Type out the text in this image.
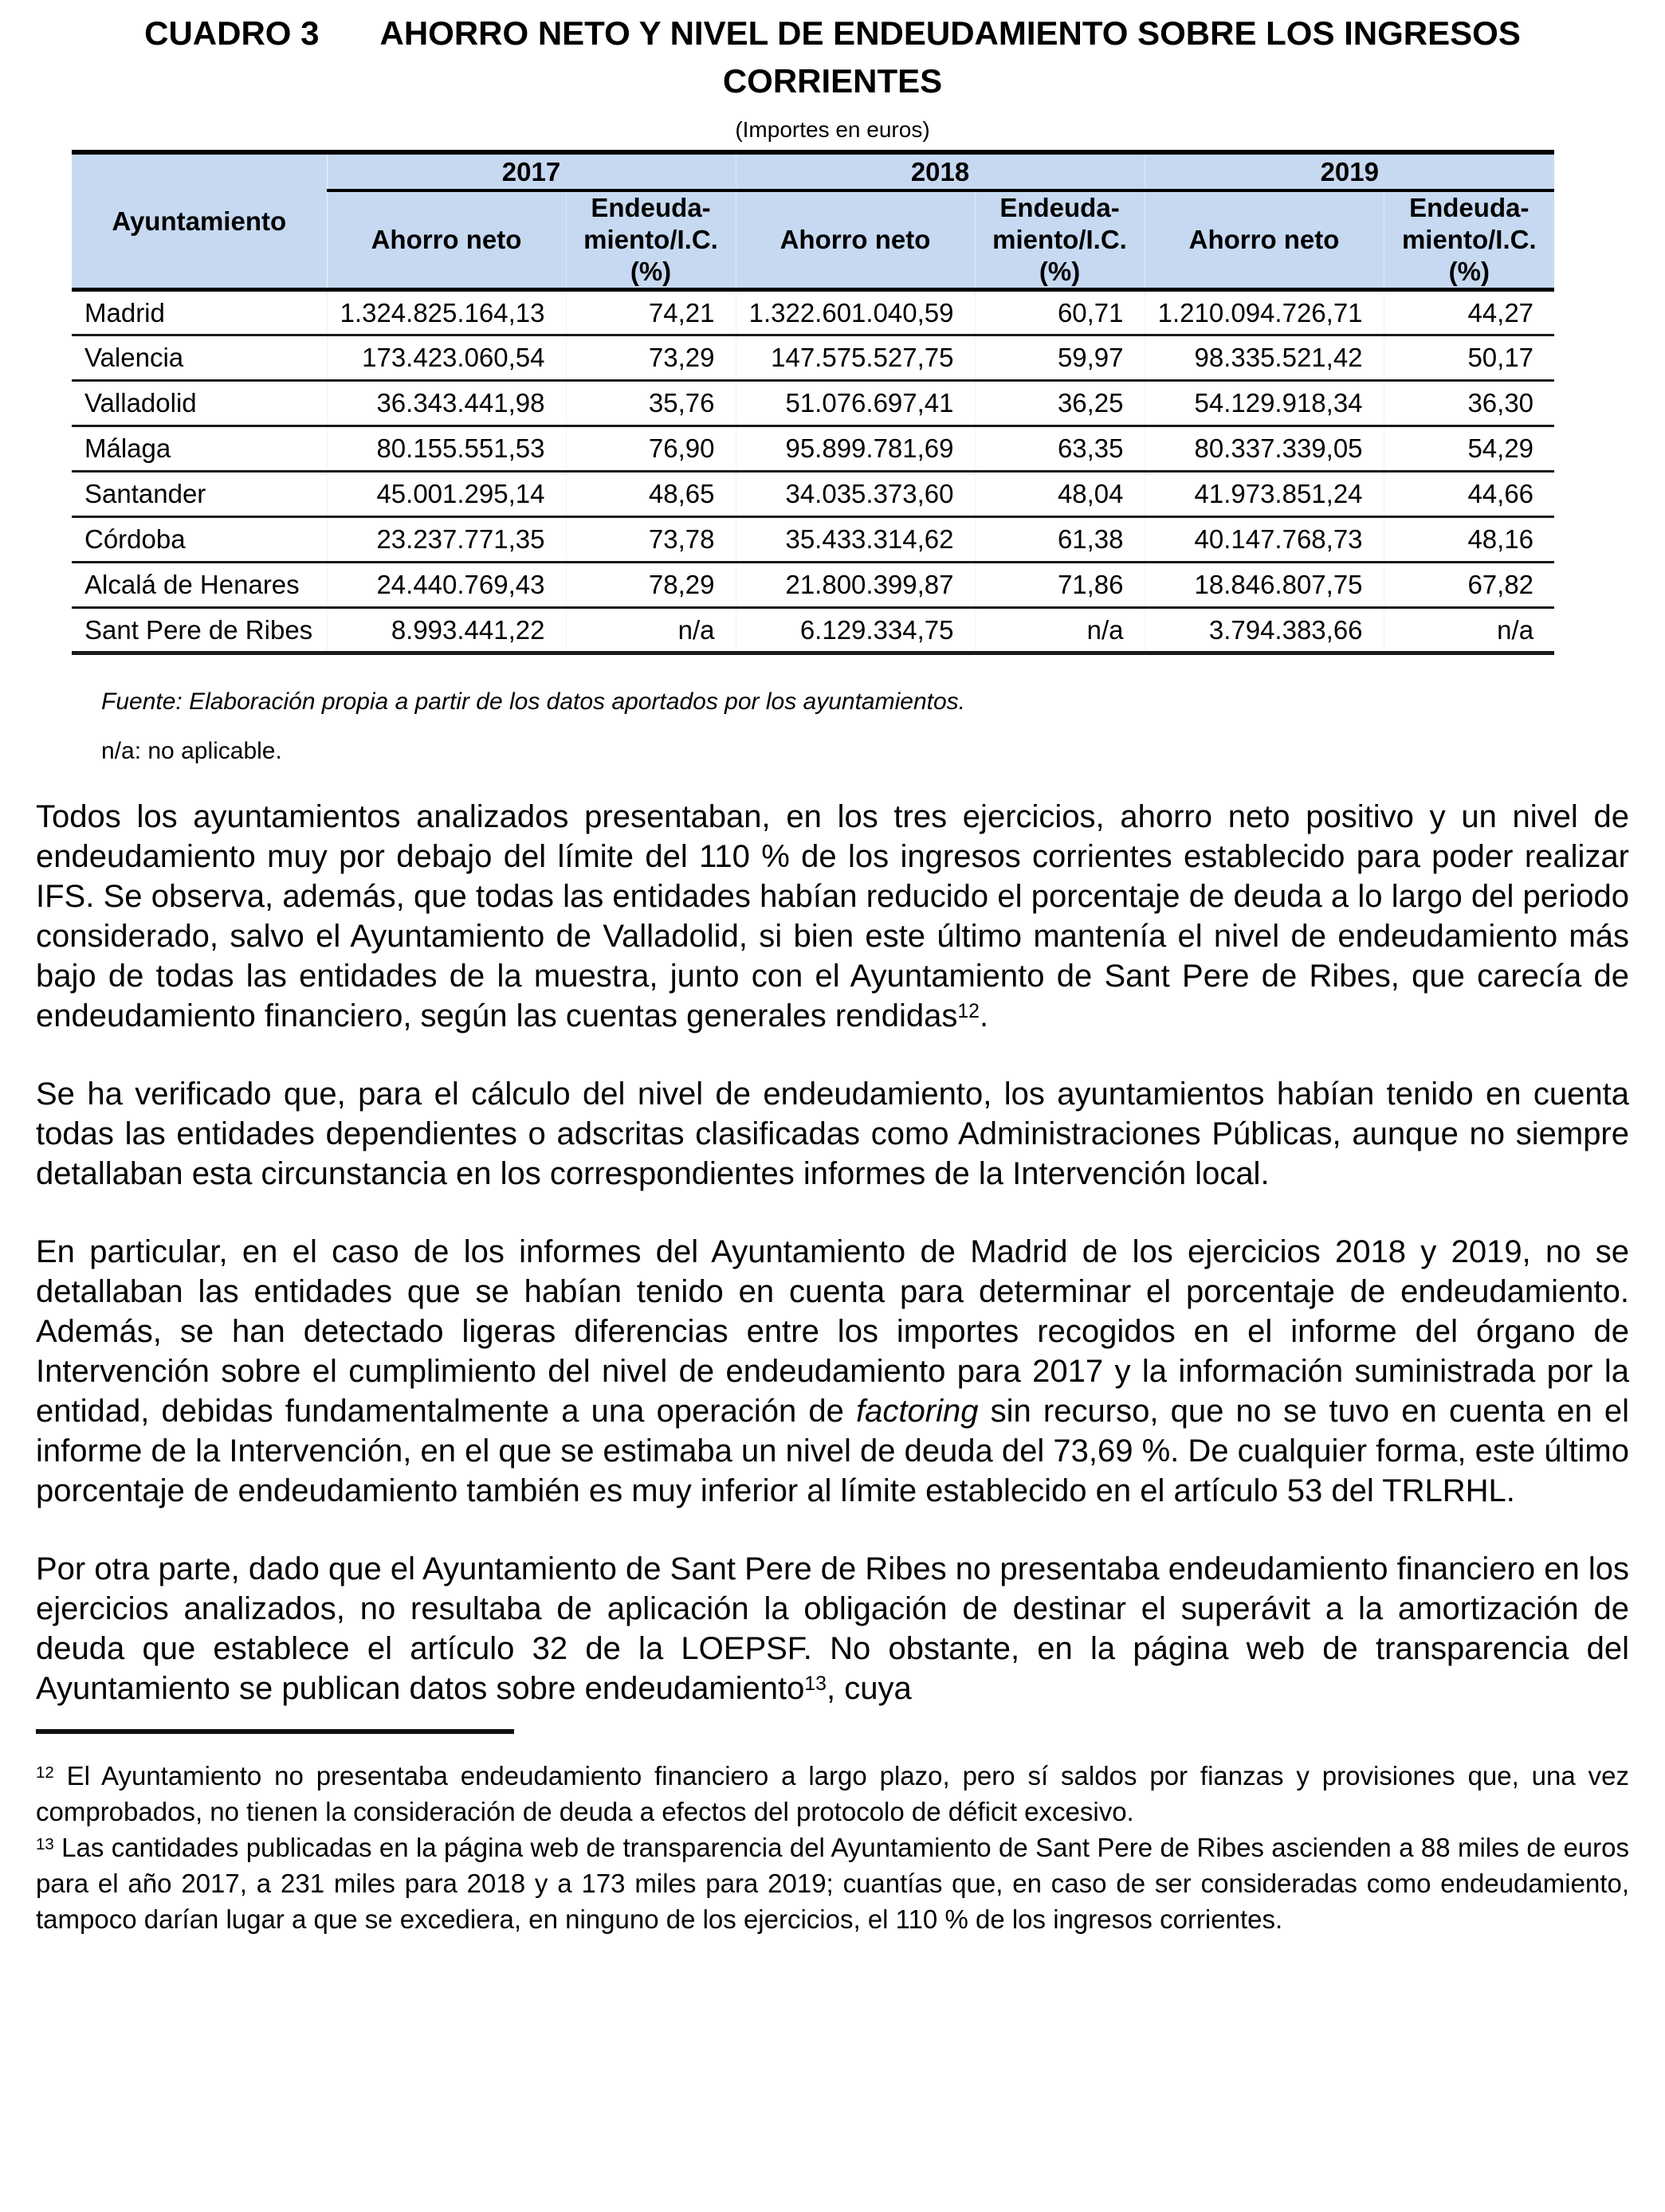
CUADRO 3 AHORRO NETO Y NIVEL DE ENDEUDAMIENTO SOBRE LOS INGRESOS
CORRIENTES
(Importes en euros)
Ayuntamiento	2017		2018		2019	
	Ahorro neto	Endeuda-
miento/I.C.
(%)	Ahorro neto	Endeuda-
miento/I.C.
(%)	Ahorro neto	Endeuda-
miento/I.C.
(%)

Madrid	1.324.825.164,13	74,21	1.322.601.040,59	60,71	1.210.094.726,71	44,27
Valencia	173.423.060,54	73,29	147.575.527,75	59,97	98.335.521,42	50,17
Valladolid	36.343.441,98	35,76	51.076.697,41	36,25	54.129.918,34	36,30
Málaga	80.155.551,53	76,90	95.899.781,69	63,35	80.337.339,05	54,29
Santander	45.001.295,14	48,65	34.035.373,60	48,04	41.973.851,24	44,66
Córdoba	23.237.771,35	73,78	35.433.314,62	61,38	40.147.768,73	48,16
Alcalá de Henares	24.440.769,43	78,29	21.800.399,87	71,86	18.846.807,75	67,82
Sant Pere de Ribes	8.993.441,22	n/a	6.129.334,75	n/a	3.794.383,66	n/a
Fuente: Elaboración propia a partir de los datos aportados por los ayuntamientos.
n/a: no aplicable.
Todos los ayuntamientos analizados presentaban, en los tres ejercicios, ahorro neto positivo y un nivel de endeudamiento muy por debajo del límite del 110 % de los ingresos corrientes establecido para poder realizar IFS. Se observa, además, que todas las entidades habían reducido el porcentaje de deuda a lo largo del periodo considerado, salvo el Ayuntamiento de Valladolid, si bien este último mantenía el nivel de endeudamiento más bajo de todas las entidades de la muestra, junto con el Ayuntamiento de Sant Pere de Ribes, que carecía de endeudamiento financiero, según las cuentas generales rendidas$^{12}$.
Se ha verificado que, para el cálculo del nivel de endeudamiento, los ayuntamientos habían tenido en cuenta todas las entidades dependientes o adscritas clasificadas como Administraciones Públicas, aunque no siempre detallaban esta circunstancia en los correspondientes informes de la Intervención local.
En particular, en el caso de los informes del Ayuntamiento de Madrid de los ejercicios 2018 y 2019, no se detallaban las entidades que se habían tenido en cuenta para determinar el porcentaje de endeudamiento. Además, se han detectado ligeras diferencias entre los importes recogidos en el informe del órgano de Intervención sobre el cumplimiento del nivel de endeudamiento para 2017 y la información suministrada por la entidad, debidas fundamentalmente a una operación de factoring sin recurso, que no se tuvo en cuenta en el informe de la Intervención, en el que se estimaba un nivel de deuda del 73,69 %. De cualquier forma, este último porcentaje de endeudamiento también es muy inferior al límite establecido en el artículo 53 del TRLRHL.
Por otra parte, dado que el Ayuntamiento de Sant Pere de Ribes no presentaba endeudamiento financiero en los ejercicios analizados, no resultaba de aplicación la obligación de destinar el superávit a la amortización de deuda que establece el artículo 32 de la LOEPSF. No obstante, en la página web de transparencia del Ayuntamiento se publican datos sobre endeudamiento$^{13}$, cuya
$^{12}$ El Ayuntamiento no presentaba endeudamiento financiero a largo plazo, pero sí saldos por fianzas y provisiones que, una vez comprobados, no tienen la consideración de deuda a efectos del protocolo de déficit excesivo.
$^{13}$ Las cantidades publicadas en la página web de transparencia del Ayuntamiento de Sant Pere de Ribes ascienden a 88 miles de euros para el año 2017, a 231 miles para 2018 y a 173 miles para 2019; cuantías que, en caso de ser consideradas como endeudamiento, tampoco darían lugar a que se excediera, en ninguno de los ejercicios, el 110 % de los ingresos corrientes.
